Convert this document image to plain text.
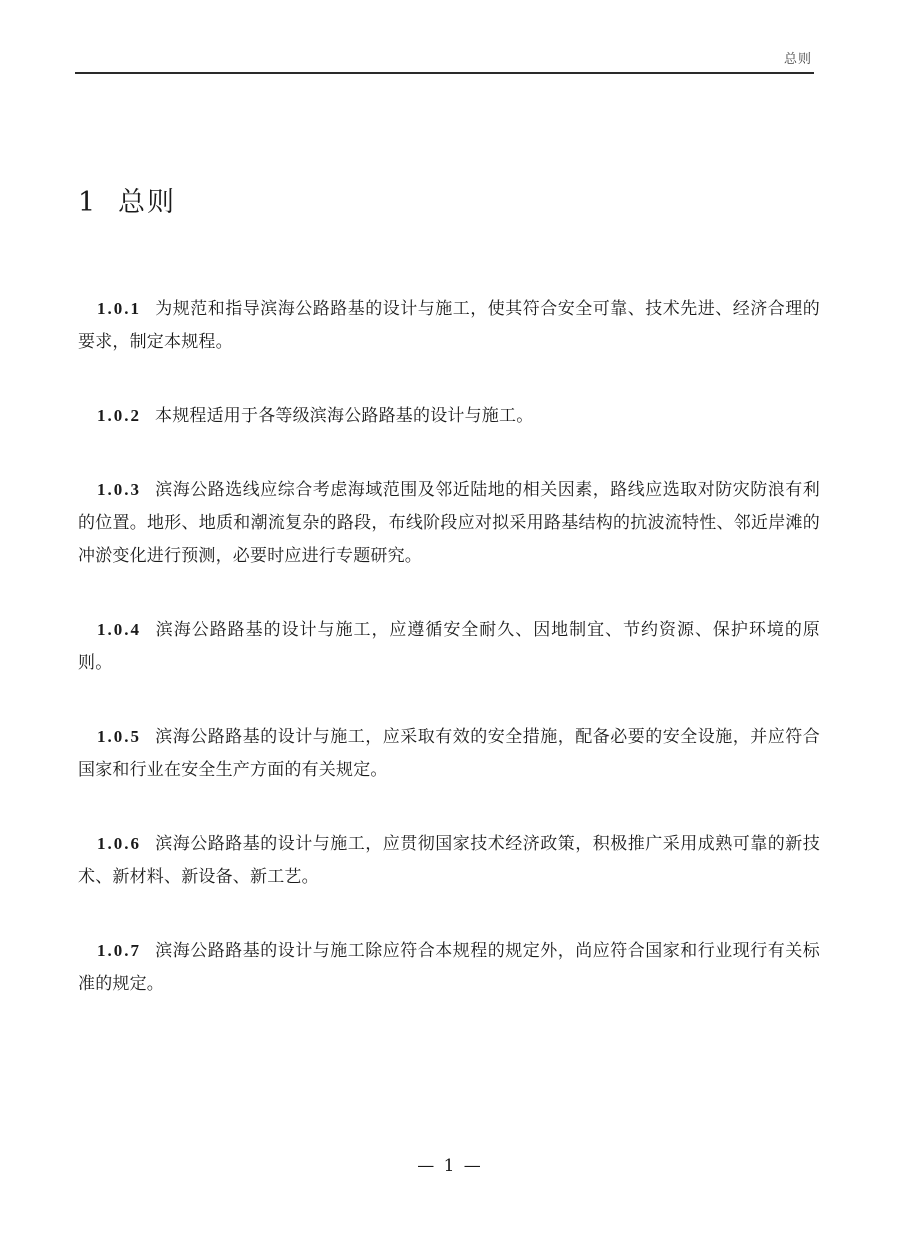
总则
1 总则

1.0.1 为规范和指导滨海公路路基的设计与施工，使其符合安全可靠、技术先进、经济合理的要求，制定本规程。

1.0.2 本规程适用于各等级滨海公路路基的设计与施工。

1.0.3 滨海公路选线应综合考虑海域范围及邻近陆地的相关因素，路线应选取对防灾防浪有利的位置。地形、地质和潮流复杂的路段，布线阶段应对拟采用路基结构的抗波流特性、邻近岸滩的冲淤变化进行预测，必要时应进行专题研究。

1.0.4 滨海公路路基的设计与施工，应遵循安全耐久、因地制宜、节约资源、保护环境的原则。

1.0.5 滨海公路路基的设计与施工，应采取有效的安全措施，配备必要的安全设施，并应符合国家和行业在安全生产方面的有关规定。

1.0.6 滨海公路路基的设计与施工，应贯彻国家技术经济政策，积极推广采用成熟可靠的新技术、新材料、新设备、新工艺。

1.0.7 滨海公路路基的设计与施工除应符合本规程的规定外，尚应符合国家和行业现行有关标准的规定。

— 1 —
